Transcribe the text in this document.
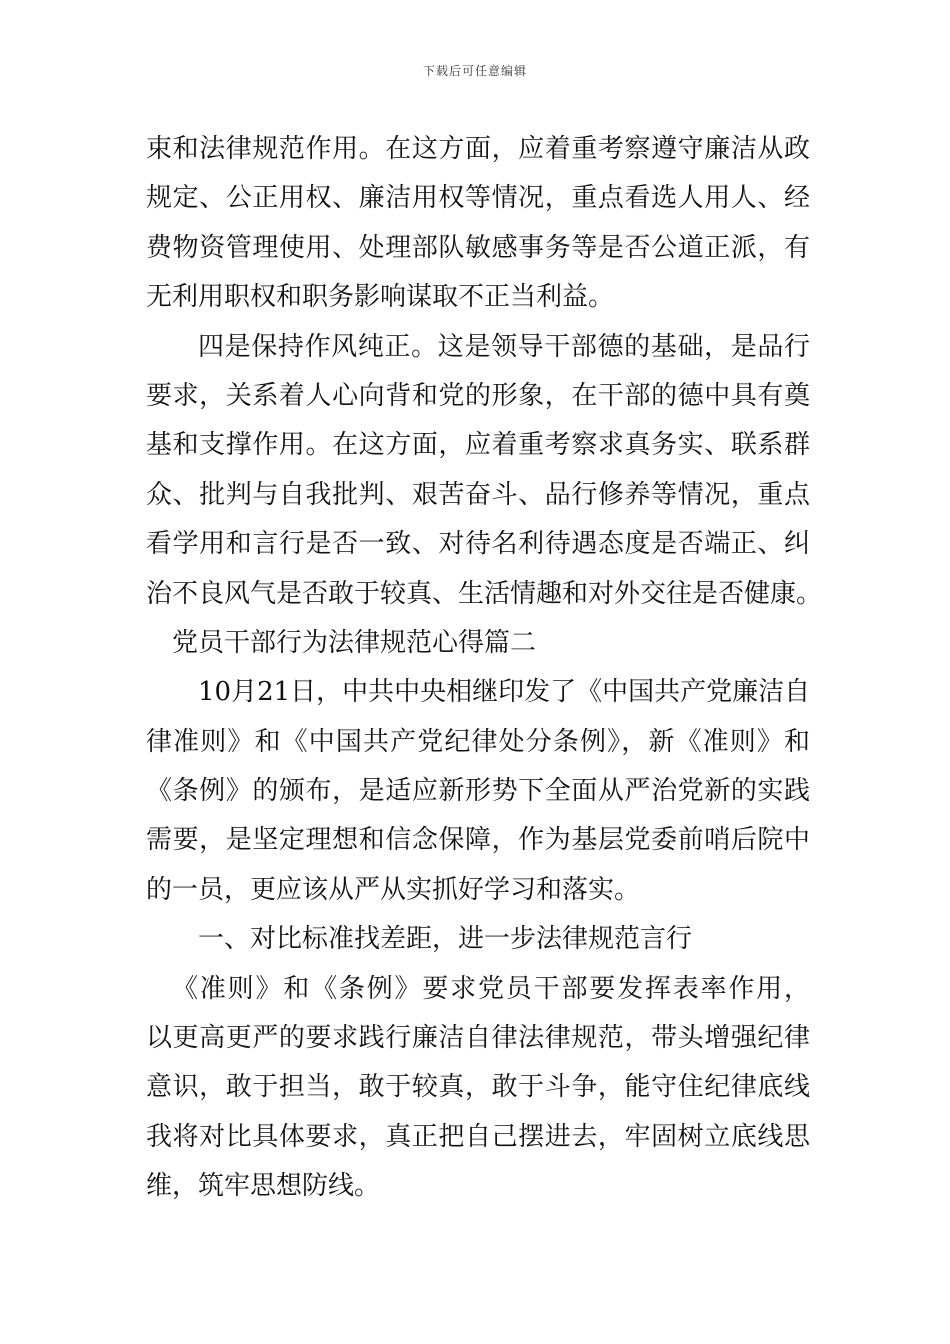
下载后可任意编辑
束和法律规范作用。在这方面，应着重考察遵守廉洁从政
规定、公正用权、廉洁用权等情况，重点看选人用人、经
费物资管理使用、处理部队敏感事务等是否公道正派，有
无利用职权和职务影响谋取不正当利益。
四是保持作风纯正。这是领导干部德的基础，是品行
要求，关系着人心向背和党的形象，在干部的德中具有奠
基和支撑作用。在这方面，应着重考察求真务实、联系群
众、批判与自我批判、艰苦奋斗、品行修养等情况，重点
看学用和言行是否一致、对待名利待遇态度是否端正、纠
治不良风气是否敢于较真、生活情趣和对外交往是否健康。
党员干部行为法律规范心得篇二
10月21日，中共中央相继印发了《中国共产党廉洁自
律准则》和《中国共产党纪律处分条例》，新《准则》和
《条例》的颁布，是适应新形势下全面从严治党新的实践
需要，是坚定理想和信念保障，作为基层党委前哨后院中
的一员，更应该从严从实抓好学习和落实。
一、对比标准找差距，进一步法律规范言行
《准则》和《条例》要求党员干部要发挥表率作用，
以更高更严的要求践行廉洁自律法律规范，带头增强纪律
意识，敢于担当，敢于较真，敢于斗争，能守住纪律底线
我将对比具体要求，真正把自己摆进去，牢固树立底线思
维，筑牢思想防线。
